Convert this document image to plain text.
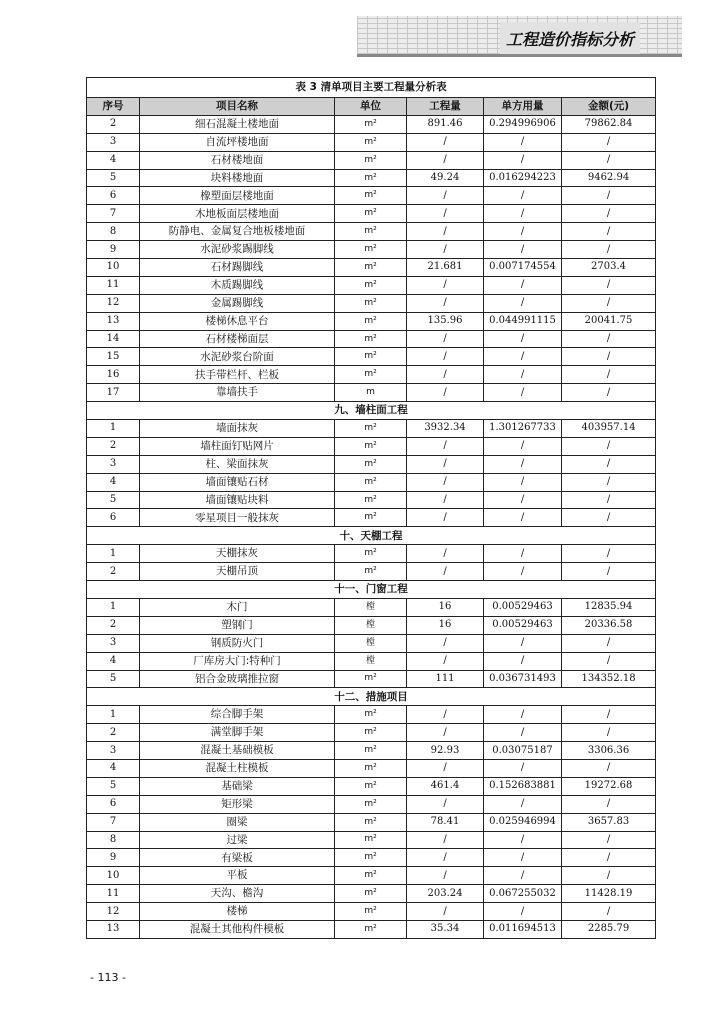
工程造价指标分析
表 3 清单项目主要工程量分析表					
序号	项目名称	单位	工程量	单方用量	金额(元)
2	细石混凝土楼地面	m²	891.46	0.294996906	79862.84
3	自流坪楼地面	m²	/	/	/
4	石材楼地面	m²	/	/	/
5	块料楼地面	m²	49.24	0.016294223	9462.94
6	橡塑面层楼地面	m²	/	/	/
7	木地板面层楼地面	m²	/	/	/
8	防静电、金属复合地板楼地面	m²	/	/	/
9	水泥砂浆踢脚线	m²	/	/	/
10	石材踢脚线	m²	21.681	0.007174554	2703.4
11	木质踢脚线	m²	/	/	/
12	金属踢脚线	m²	/	/	/
13	楼梯休息平台	m²	135.96	0.044991115	20041.75
14	石材楼梯面层	m²	/	/	/
15	水泥砂浆台阶面	m²	/	/	/
16	扶手带栏杆、栏板	m²	/	/	/
17	靠墙扶手	m	/	/	/
九、墙柱面工程					
1	墙面抹灰	m²	3932.34	1.301267733	403957.14
2	墙柱面钉贴网片	m²	/	/	/
3	柱、梁面抹灰	m²	/	/	/
4	墙面镶贴石材	m²	/	/	/
5	墙面镶贴块料	m²	/	/	/
6	零星项目一般抹灰	m²	/	/	/
十、天棚工程					
1	天棚抹灰	m²	/	/	/
2	天棚吊顶	m²	/	/	/
十一、门窗工程					
1	木门	樘	16	0.00529463	12835.94
2	塑钢门	樘	16	0.00529463	20336.58
3	钢质防火门	樘	/	/	/
4	厂库房大门:特种门	樘	/	/	/
5	铝合金玻璃推拉窗	m²	111	0.036731493	134352.18
十二、措施项目					
1	综合脚手架	m²	/	/	/
2	满堂脚手架	m²	/	/	/
3	混凝土基础模板	m²	92.93	0.03075187	3306.36
4	混凝土柱模板	m²	/	/	/
5	基础梁	m²	461.4	0.152683881	19272.68
6	矩形梁	m²	/	/	/
7	圈梁	m²	78.41	0.025946994	3657.83
8	过梁	m²	/	/	/
9	有梁板	m²	/	/	/
10	平板	m²	/	/	/
11	天沟、檐沟	m²	203.24	0.067255032	11428.19
12	楼梯	m²	/	/	/
13	混凝土其他构件模板	m²	35.34	0.011694513	2285.79
- 113 -
